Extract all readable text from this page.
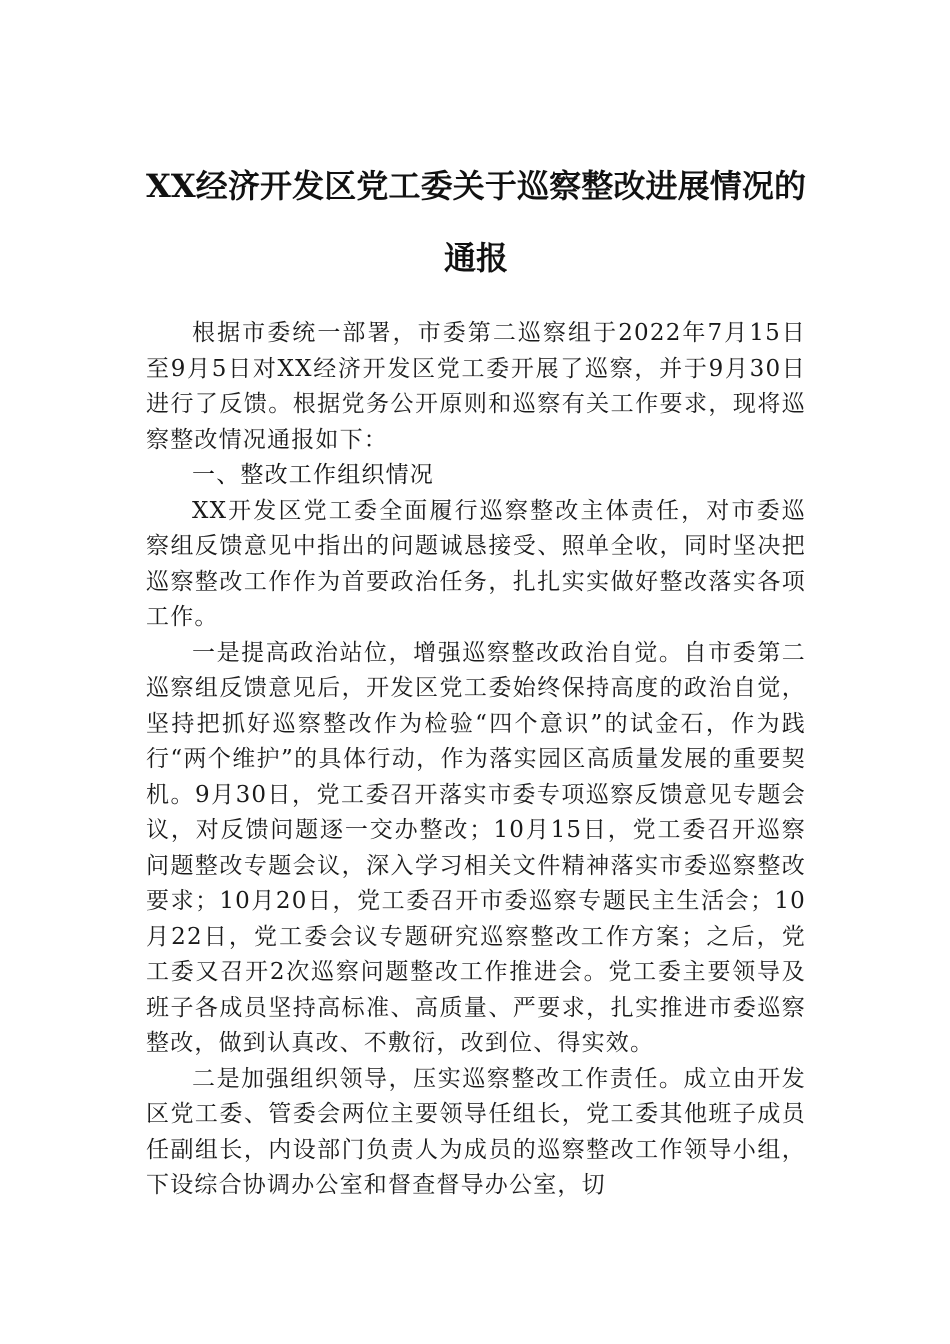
XX经济开发区党工委关于巡察整改进展情况的通报

根据市委统一部署，市委第二巡察组于2022年7月15日至9月5日对XX经济开发区党工委开展了巡察，并于9月30日进行了反馈。根据党务公开原则和巡察有关工作要求，现将巡察整改情况通报如下：

一、整改工作组织情况

XX开发区党工委全面履行巡察整改主体责任，对市委巡察组反馈意见中指出的问题诚恳接受、照单全收，同时坚决把巡察整改工作作为首要政治任务，扎扎实实做好整改落实各项工作。

一是提高政治站位，增强巡察整改政治自觉。自市委第二巡察组反馈意见后，开发区党工委始终保持高度的政治自觉，坚持把抓好巡察整改作为检验“四个意识”的试金石，作为践行“两个维护”的具体行动，作为落实园区高质量发展的重要契机。9月30日，党工委召开落实市委专项巡察反馈意见专题会议，对反馈问题逐一交办整改；10月15日，党工委召开巡察问题整改专题会议，深入学习相关文件精神落实市委巡察整改要求；10月20日，党工委召开市委巡察专题民主生活会；10月22日，党工委会议专题研究巡察整改工作方案；之后，党工委又召开2次巡察问题整改工作推进会。党工委主要领导及班子各成员坚持高标准、高质量、严要求，扎实推进市委巡察整改，做到认真改、不敷衍，改到位、得实效。

二是加强组织领导，压实巡察整改工作责任。成立由开发区党工委、管委会两位主要领导任组长，党工委其他班子成员任副组长，内设部门负责人为成员的巡察整改工作领导小组，下设综合协调办公室和督查督导办公室，切
